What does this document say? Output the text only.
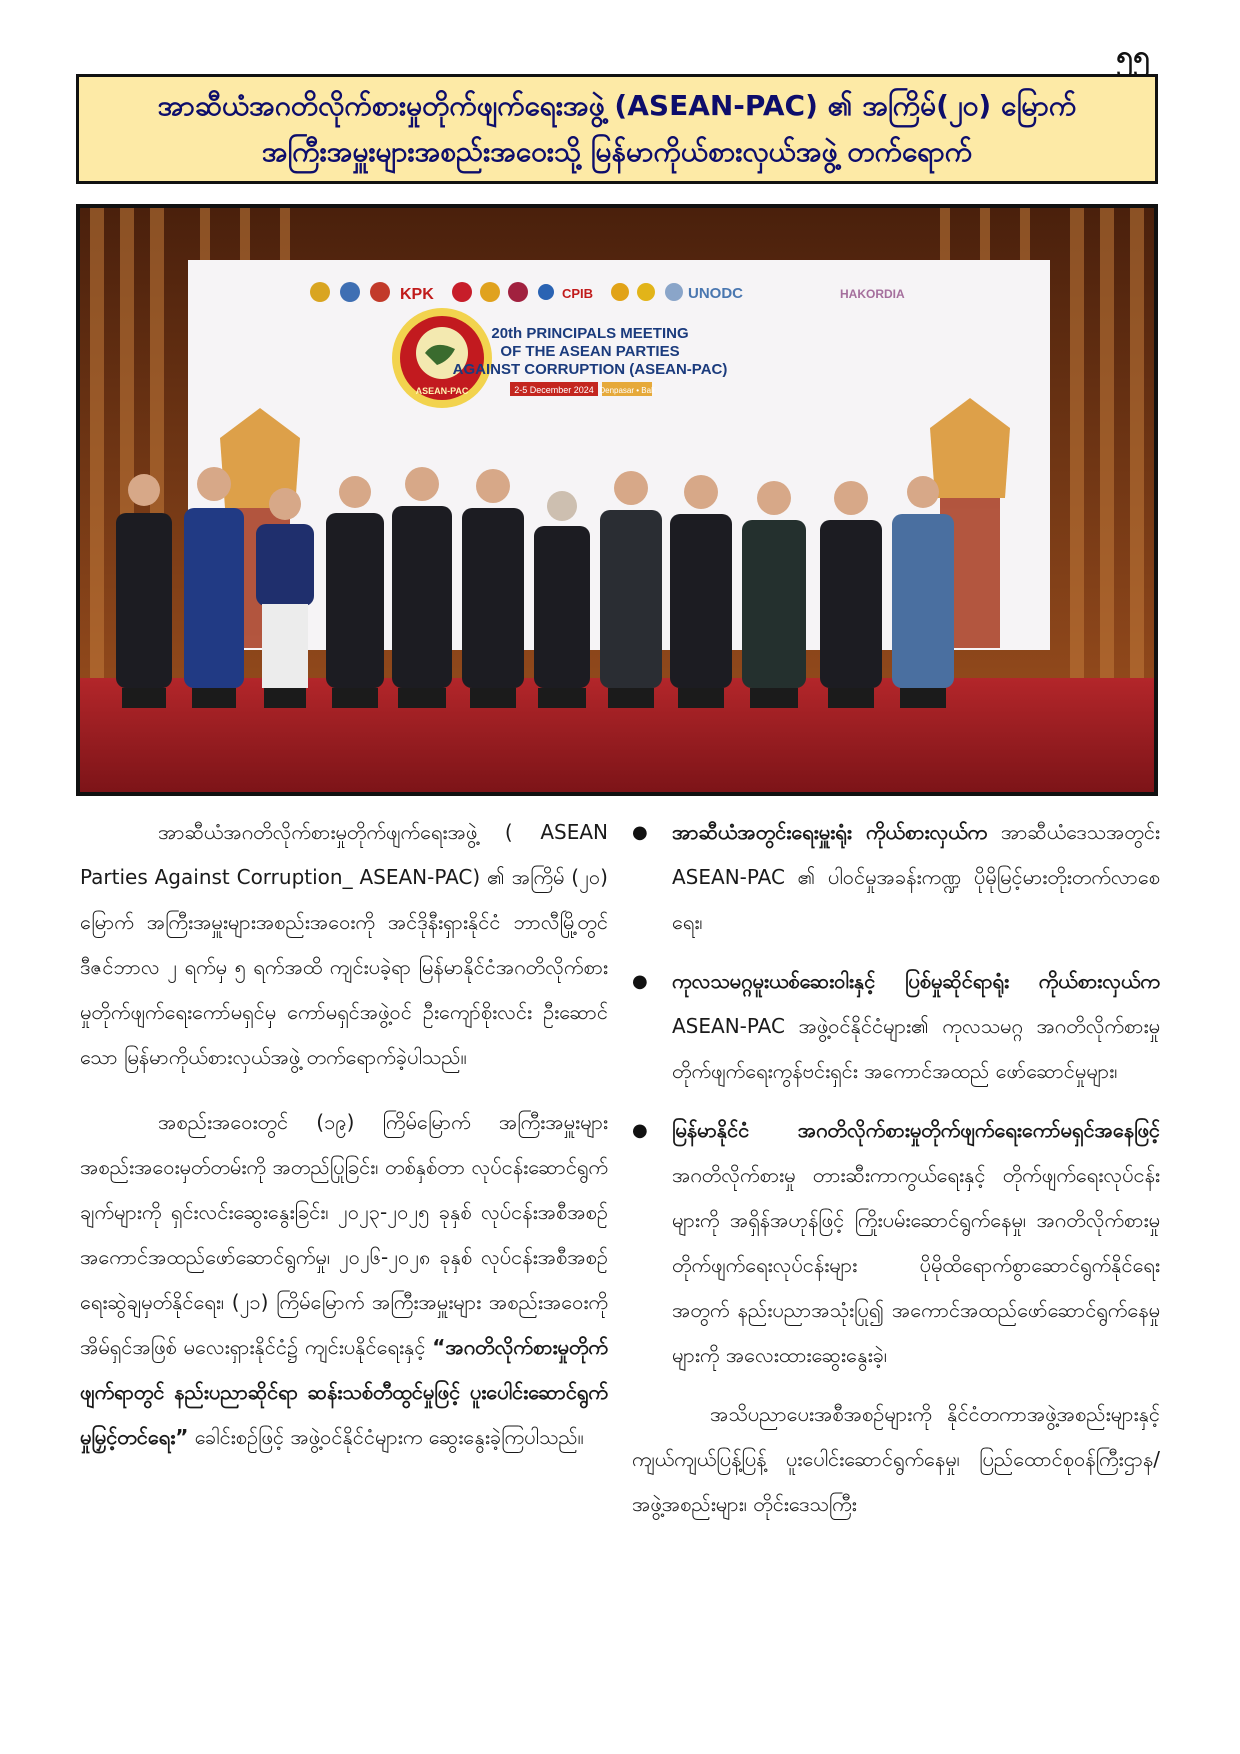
၅၅
အာဆီယံအဂတိလိုက်စားမှုတိုက်ဖျက်ရေးအဖွဲ့ (ASEAN-PAC) ၏ အကြိမ်(၂၀) မြောက်
အကြီးအမှူးများအစည်းအဝေးသို့ မြန်မာကိုယ်စားလှယ်အဖွဲ့ တက်ရောက်
KPK	CPIB	UNODC	HAKORDIA
ASEAN-PAC
20th PRINCIPALS MEETING
OF THE ASEAN PARTIES
AGAINST CORRUPTION (ASEAN-PAC)
2-5 December 2024 Denpasar • Bali

အာဆီယံအဂတိလိုက်စားမှုတိုက်ဖျက်ရေးအဖွဲ့ ( ASEAN Parties Against Corruption_ ASEAN-PAC) ၏ အကြိမ် (၂၀) မြောက် အကြီးအမှူးများအစည်းအဝေးကို အင်ဒိုနီးရှားနိုင်ငံ ဘာလီမြို့တွင် ဒီဇင်ဘာလ ၂ ရက်မှ ၅ ရက်အထိ ကျင်းပခဲ့ရာ မြန်မာနိုင်ငံအဂတိလိုက်စားမှုတိုက်ဖျက်ရေးကော်မရှင်မှ ကော်မရှင်အဖွဲ့ဝင် ဦးကျော်စိုးလင်း ဦးဆောင်သော မြန်မာကိုယ်စားလှယ်အဖွဲ့ တက်ရောက်ခဲ့ပါသည်။

အစည်းအဝေးတွင် (၁၉) ကြိမ်မြောက် အကြီးအမှူးများ အစည်းအဝေးမှတ်တမ်းကို အတည်ပြုခြင်း၊ တစ်နှစ်တာ လုပ်ငန်းဆောင်ရွက်ချက်များကို ရှင်းလင်းဆွေးနွေးခြင်း၊ ၂၀၂၃-၂၀၂၅ ခုနှစ် လုပ်ငန်းအစီအစဉ် အကောင်အထည်ဖော်ဆောင်ရွက်မှု၊ ၂၀၂၆-၂၀၂၈ ခုနှစ် လုပ်ငန်းအစီအစဉ် ရေးဆွဲချမှတ်နိုင်ရေး၊ (၂၁) ကြိမ်မြောက် အကြီးအမှူးများ အစည်းအဝေးကို အိမ်ရှင်အဖြစ် မလေးရှားနိုင်ငံ၌ ကျင်းပနိုင်ရေးနှင့် “အဂတိလိုက်စားမှုတိုက်ဖျက်ရာတွင် နည်းပညာဆိုင်ရာ ဆန်းသစ်တီထွင်မှုဖြင့် ပူးပေါင်းဆောင်ရွက်မှုမြှင့်တင်ရေး” ခေါင်းစဉ်ဖြင့် အဖွဲ့ဝင်နိုင်ငံများက ဆွေးနွေးခဲ့ကြပါသည်။

● အာဆီယံအတွင်းရေးမှူးရုံး ကိုယ်စားလှယ်က အာဆီယံဒေသအတွင်း ASEAN-PAC ၏ ပါဝင်မှုအခန်းကဏ္ဍ ပိုမိုမြင့်မားတိုးတက်လာစေရေး၊
● ကုလသမဂ္ဂမူးယစ်ဆေးဝါးနှင့် ပြစ်မှုဆိုင်ရာရုံး ကိုယ်စားလှယ်က ASEAN-PAC အဖွဲ့ဝင်နိုင်ငံများ၏ ကုလသမဂ္ဂ အဂတိလိုက်စားမှု တိုက်ဖျက်ရေးကွန်ဗင်းရှင်း အကောင်အထည် ဖော်ဆောင်မှုများ၊
● မြန်မာနိုင်ငံ အဂတိလိုက်စားမှုတိုက်ဖျက်ရေးကော်မရှင်အနေဖြင့် အဂတိလိုက်စားမှု တားဆီးကာကွယ်ရေးနှင့် တိုက်ဖျက်ရေးလုပ်ငန်းများကို အရှိန်အဟုန်ဖြင့် ကြိုးပမ်းဆောင်ရွက်နေမှု၊ အဂတိလိုက်စားမှုတိုက်ဖျက်ရေးလုပ်ငန်းများ ပိုမိုထိရောက်စွာဆောင်ရွက်နိုင်ရေးအတွက် နည်းပညာအသုံးပြု၍ အကောင်အထည်ဖော်ဆောင်ရွက်နေမှုများကို အလေးထားဆွေးနွေးခဲ့၊

အသိပညာပေးအစီအစဉ်များကို နိုင်ငံတကာအဖွဲ့အစည်းများနှင့် ကျယ်ကျယ်ပြန့်ပြန့် ပူးပေါင်းဆောင်ရွက်နေမှု၊ ပြည်ထောင်စုဝန်ကြီးဌာန/ အဖွဲ့အစည်းများ၊ တိုင်းဒေသကြီး
